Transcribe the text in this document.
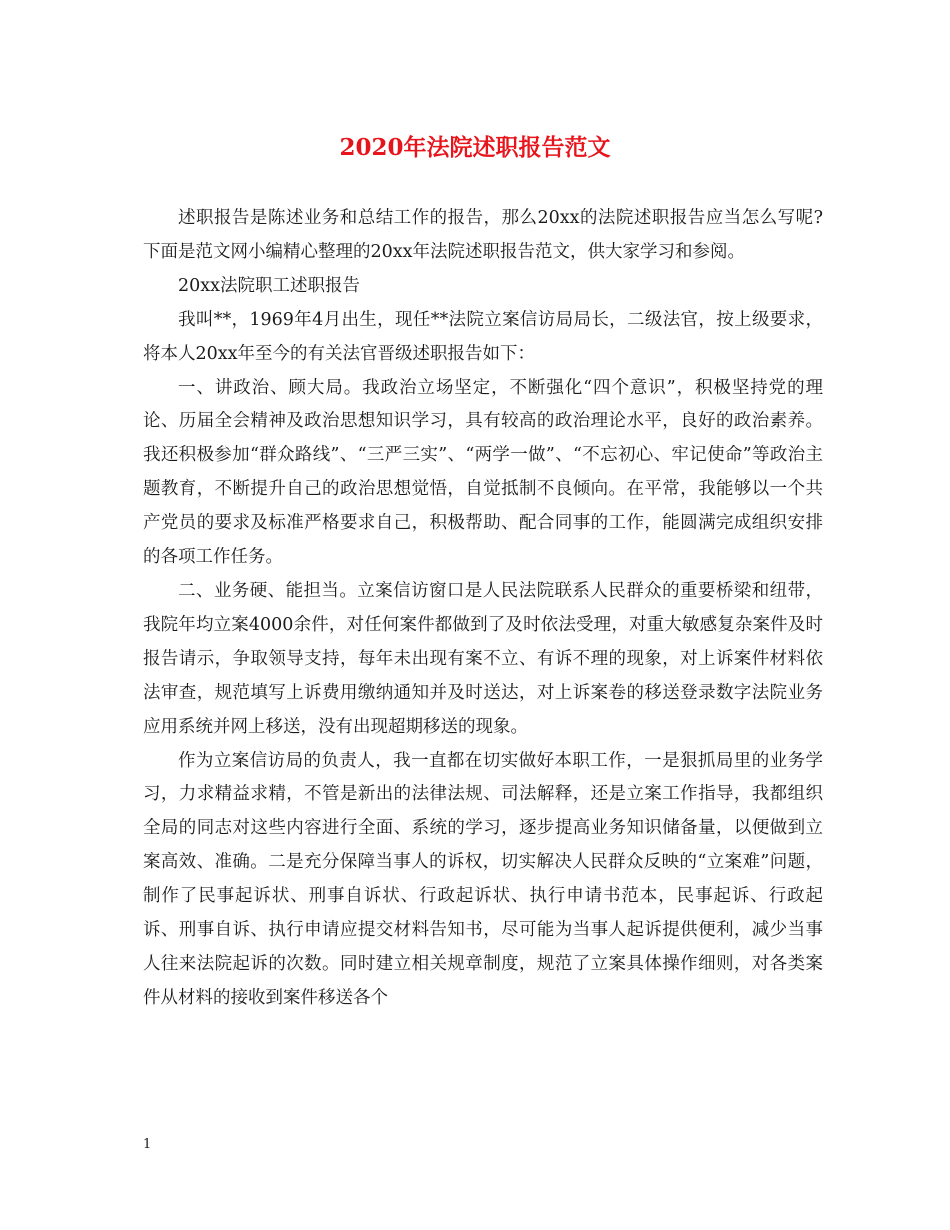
2020年法院述职报告范文

述职报告是陈述业务和总结工作的报告，那么20xx的法院述职报告应当怎么写呢?下面是范文网小编精心整理的20xx年法院述职报告范文，供大家学习和参阅。

20xx法院职工述职报告

我叫**，1969年4月出生，现任**法院立案信访局局长，二级法官，按上级要求，将本人20xx年至今的有关法官晋级述职报告如下：

一、讲政治、顾大局。我政治立场坚定，不断强化“四个意识”，积极坚持党的理论、历届全会精神及政治思想知识学习，具有较高的政治理论水平，良好的政治素养。我还积极参加“群众路线”、“三严三实”、“两学一做”、“不忘初心、牢记使命”等政治主题教育，不断提升自己的政治思想觉悟，自觉抵制不良倾向。在平常，我能够以一个共产党员的要求及标准严格要求自己，积极帮助、配合同事的工作，能圆满完成组织安排的各项工作任务。

二、业务硬、能担当。立案信访窗口是人民法院联系人民群众的重要桥梁和纽带，我院年均立案4000余件，对任何案件都做到了及时依法受理，对重大敏感复杂案件及时报告请示，争取领导支持，每年未出现有案不立、有诉不理的现象，对上诉案件材料依法审查，规范填写上诉费用缴纳通知并及时送达，对上诉案卷的移送登录数字法院业务应用系统并网上移送，没有出现超期移送的现象。

作为立案信访局的负责人，我一直都在切实做好本职工作，一是狠抓局里的业务学习，力求精益求精，不管是新出的法律法规、司法解释，还是立案工作指导，我都组织全局的同志对这些内容进行全面、系统的学习，逐步提高业务知识储备量，以便做到立案高效、准确。二是充分保障当事人的诉权，切实解决人民群众反映的“立案难”问题，制作了民事起诉状、刑事自诉状、行政起诉状、执行申请书范本，民事起诉、行政起诉、刑事自诉、执行申请应提交材料告知书，尽可能为当事人起诉提供便利，减少当事人往来法院起诉的次数。同时建立相关规章制度，规范了立案具体操作细则，对各类案件从材料的接收到案件移送各个

1
